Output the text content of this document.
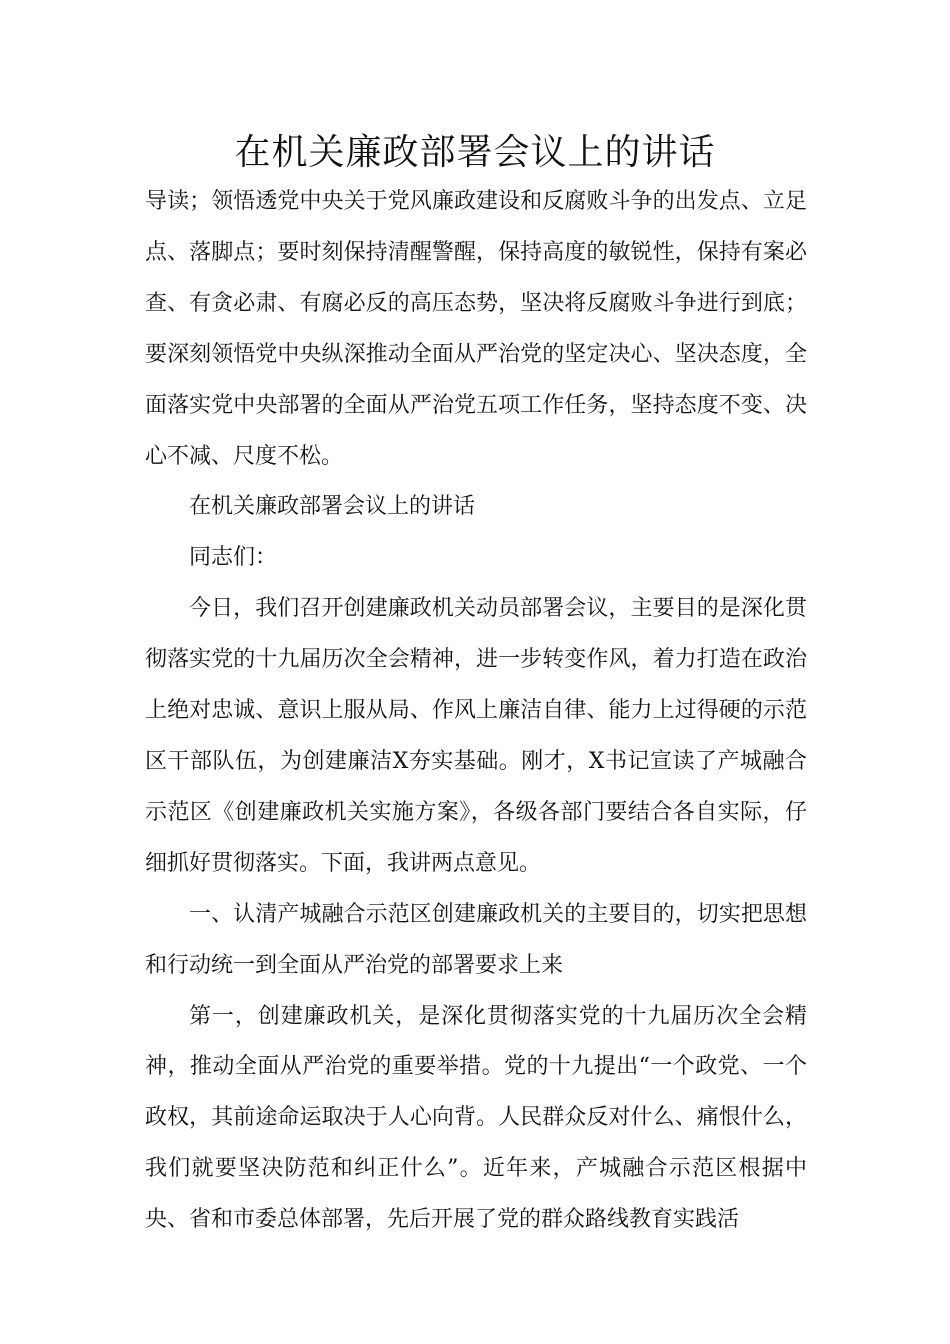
在机关廉政部署会议上的讲话

导读；领悟透党中央关于党风廉政建设和反腐败斗争的出发点、立足点、落脚点；要时刻保持清醒警醒，保持高度的敏锐性，保持有案必查、有贪必肃、有腐必反的高压态势，坚决将反腐败斗争进行到底；要深刻领悟党中央纵深推动全面从严治党的坚定决心、坚决态度，全面落实党中央部署的全面从严治党五项工作任务，坚持态度不变、决心不减、尺度不松。

在机关廉政部署会议上的讲话

同志们：

今日，我们召开创建廉政机关动员部署会议，主要目的是深化贯彻落实党的十九届历次全会精神，进一步转变作风，着力打造在政治上绝对忠诚、意识上服从局、作风上廉洁自律、能力上过得硬的示范区干部队伍，为创建廉洁X夯实基础。刚才，X书记宣读了产城融合示范区《创建廉政机关实施方案》，各级各部门要结合各自实际，仔细抓好贯彻落实。下面，我讲两点意见。

一、认清产城融合示范区创建廉政机关的主要目的，切实把思想和行动统一到全面从严治党的部署要求上来

第一，创建廉政机关，是深化贯彻落实党的十九届历次全会精神，推动全面从严治党的重要举措。党的十九提出“一个政党、一个政权，其前途命运取决于人心向背。人民群众反对什么、痛恨什么，我们就要坚决防范和纠正什么”。近年来，产城融合示范区根据中央、省和市委总体部署，先后开展了党的群众路线教育实践活
